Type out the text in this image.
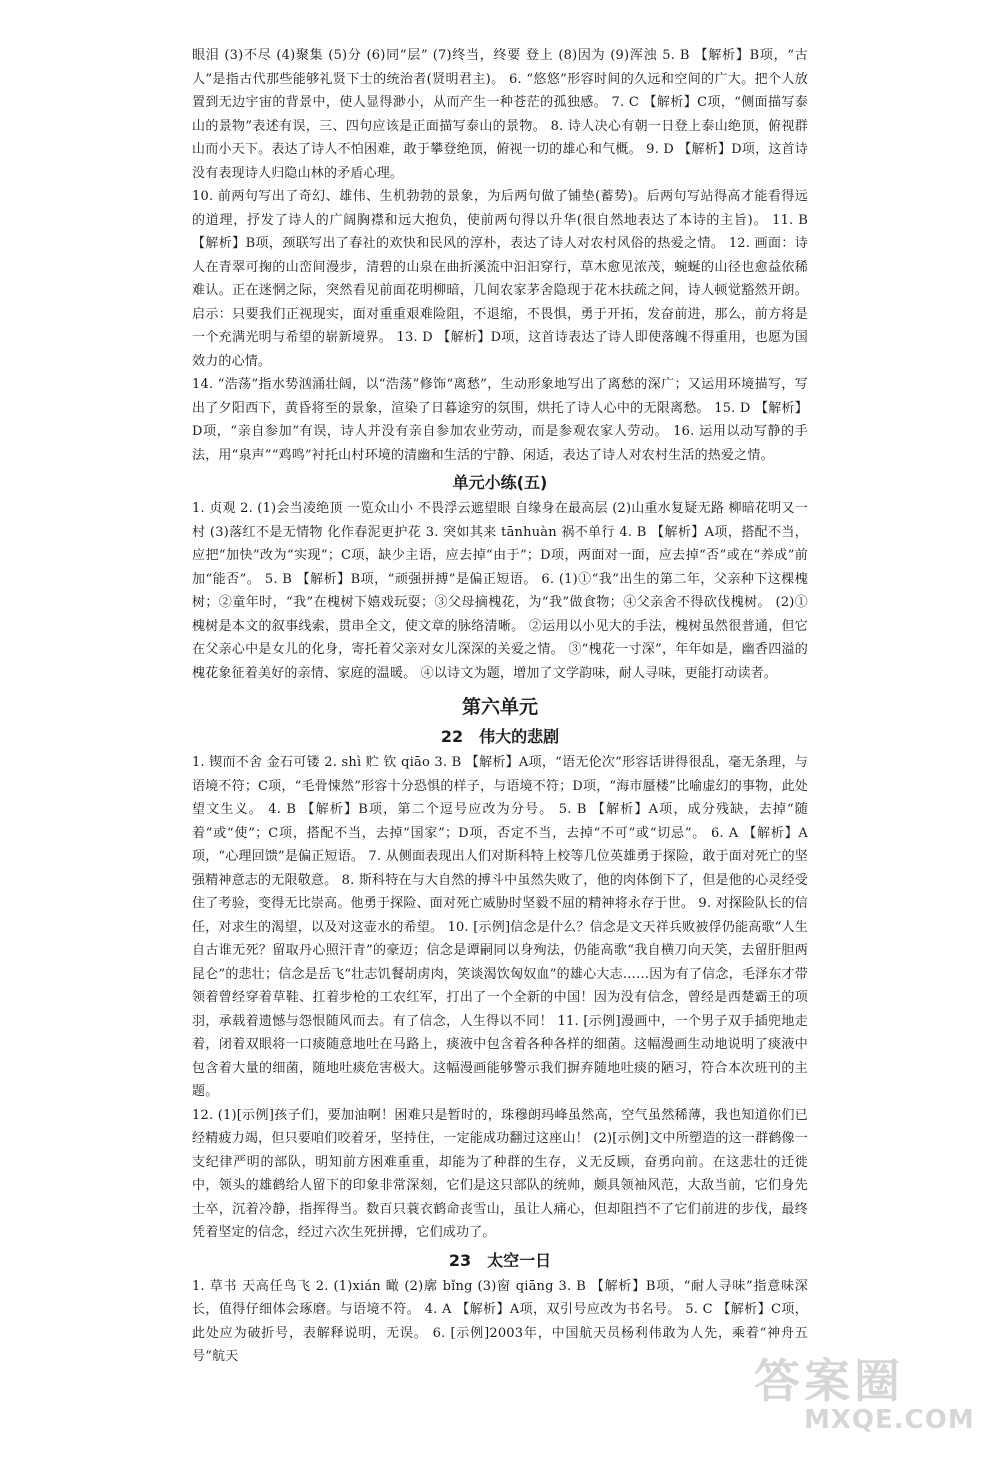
眼泪 (3)不尽 (4)聚集 (5)分 (6)同“层” (7)终当，终要 登上 (8)因为 (9)浑浊 5. B 【解析】B项，“古人”是指古代那些能够礼贤下士的统治者(贤明君主)。 6. “悠悠”形容时间的久远和空间的广大。把个人放置到无边宇宙的背景中，使人显得渺小，从而产生一种苍茫的孤独感。 7. C 【解析】C项，“侧面描写泰山的景物”表述有误，三、四句应该是正面描写泰山的景物。 8. 诗人决心有朝一日登上泰山绝顶，俯视群山而小天下。表达了诗人不怕困难，敢于攀登绝顶，俯视一切的雄心和气概。 9. D 【解析】D项，这首诗没有表现诗人归隐山林的矛盾心理。

10. 前两句写出了奇幻、雄伟、生机勃勃的景象，为后两句做了铺垫(蓄势)。后两句写站得高才能看得远的道理，抒发了诗人的广阔胸襟和远大抱负，使前两句得以升华(很自然地表达了本诗的主旨)。 11. B 【解析】B项，颈联写出了春社的欢快和民风的淳朴，表达了诗人对农村风俗的热爱之情。 12. 画面：诗人在青翠可掬的山峦间漫步，清碧的山泉在曲折溪流中汩汩穿行，草木愈见浓茂，蜿蜒的山径也愈益依稀难认。正在迷惘之际，突然看见前面花明柳暗，几间农家茅舍隐现于花木扶疏之间，诗人顿觉豁然开朗。启示：只要我们正视现实，面对重重艰难险阻，不退缩，不畏惧，勇于开拓，发奋前进，那么，前方将是一个充满光明与希望的崭新境界。 13. D 【解析】D项，这首诗表达了诗人即使落魄不得重用，也愿为国效力的心情。

14. “浩荡”指水势汹涌壮阔，以“浩荡”修饰“离愁”，生动形象地写出了离愁的深广；又运用环境描写，写出了夕阳西下，黄昏将至的景象，渲染了日暮途穷的氛围，烘托了诗人心中的无限离愁。 15. D 【解析】D项，“亲自参加”有误，诗人并没有亲自参加农业劳动，而是参观农家人劳动。 16. 运用以动写静的手法，用“泉声”“鸡鸣”衬托山村环境的清幽和生活的宁静、闲适，表达了诗人对农村生活的热爱之情。

单元小练(五)

1. 贞观 2. (1)会当凌绝顶 一览众山小 不畏浮云遮望眼 自缘身在最高层 (2)山重水复疑无路 柳暗花明又一村 (3)落红不是无情物 化作春泥更护花 3. 突如其来 tānhuàn 祸不单行 4. B 【解析】A项，搭配不当，应把“加快”改为“实现”；C项，缺少主语，应去掉“由于”；D项，两面对一面，应去掉“否”或在“养成”前加“能否”。 5. B 【解析】B项，“顽强拼搏”是偏正短语。 6. (1)①“我”出生的第二年，父亲种下这棵槐树；②童年时，“我”在槐树下嬉戏玩耍；③父母摘槐花，为“我”做食物；④父亲舍不得砍伐槐树。 (2)①槐树是本文的叙事线索，贯串全文，使文章的脉络清晰。 ②运用以小见大的手法，槐树虽然很普通，但它在父亲心中是女儿的化身，寄托着父亲对女儿深深的关爱之情。 ③“槐花一寸深”，年年如是，幽香四溢的槐花象征着美好的亲情、家庭的温暖。 ④以诗文为题，增加了文学韵味，耐人寻味，更能打动读者。

第六单元
22　伟大的悲剧

1. 锲而不舍 金石可镂 2. shì 贮 钦 qiāo 3. B 【解析】A项，“语无伦次”形容话讲得很乱，毫无条理，与语境不符；C项，“毛骨悚然”形容十分恐惧的样子，与语境不符；D项，“海市蜃楼”比喻虚幻的事物，此处望文生义。 4. B 【解析】B项，第二个逗号应改为分号。 5. B 【解析】A项，成分残缺，去掉“随着”或“使”；C项，搭配不当，去掉“国家”；D项，否定不当，去掉“不可”或“切忌”。 6. A 【解析】A项，“心理回馈”是偏正短语。 7. 从侧面表现出人们对斯科特上校等几位英雄勇于探险，敢于面对死亡的坚强精神意志的无限敬意。 8. 斯科特在与大自然的搏斗中虽然失败了，他的肉体倒下了，但是他的心灵经受住了考验，变得无比崇高。他勇于探险、面对死亡威胁时坚毅不屈的精神将永存于世。 9. 对探险队长的信任，对求生的渴望，以及对这壶水的希望。 10. [示例]信念是什么？信念是文天祥兵败被俘仍能高歌“人生自古谁无死？留取丹心照汗青”的豪迈；信念是谭嗣同以身殉法，仍能高歌“我自横刀向天笑，去留肝胆两昆仑”的悲壮；信念是岳飞“壮志饥餐胡虏肉，笑谈渴饮匈奴血”的雄心大志……因为有了信念，毛泽东才带领着曾经穿着草鞋、扛着步枪的工农红军，打出了一个全新的中国！因为没有信念，曾经是西楚霸王的项羽，承载着遗憾与怨恨随风而去。有了信念，人生得以不同！ 11. [示例]漫画中，一个男子双手插兜地走着，闭着双眼将一口痰随意地吐在马路上，痰液中包含着各种各样的细菌。这幅漫画生动地说明了痰液中包含着大量的细菌，随地吐痰危害极大。这幅漫画能够警示我们摒弃随地吐痰的陋习，符合本次班刊的主题。

12. (1)[示例]孩子们，要加油啊！困难只是暂时的，珠穆朗玛峰虽然高，空气虽然稀薄，我也知道你们已经精疲力竭，但只要咱们咬着牙，坚持住，一定能成功翻过这座山！ (2)[示例]文中所塑造的这一群鹤像一支纪律严明的部队，明知前方困难重重，却能为了种群的生存，义无反顾，奋勇向前。在这悲壮的迁徙中，领头的雄鹤给人留下的印象非常深刻，它们是这只部队的统帅，颇具领袖风范，大敌当前，它们身先士卒，沉着冷静，指挥得当。数百只蓑衣鹤命丧雪山，虽让人痛心，但却阻挡不了它们前进的步伐，最终凭着坚定的信念，经过六次生死拼搏，它们成功了。

23　太空一日

1. 草书 天高任鸟飞 2. (1)xián 瞰 (2)廓 bǐng (3)窗 qiāng 3. B 【解析】B项，“耐人寻味”指意味深长，值得仔细体会琢磨。与语境不符。 4. A 【解析】A项，双引号应改为书名号。 5. C 【解析】C项，此处应为破折号，表解释说明，无误。 6. [示例]2003年，中国航天员杨利伟敢为人先，乘着“神舟五号”航天	答案圈
MXQE.COM
